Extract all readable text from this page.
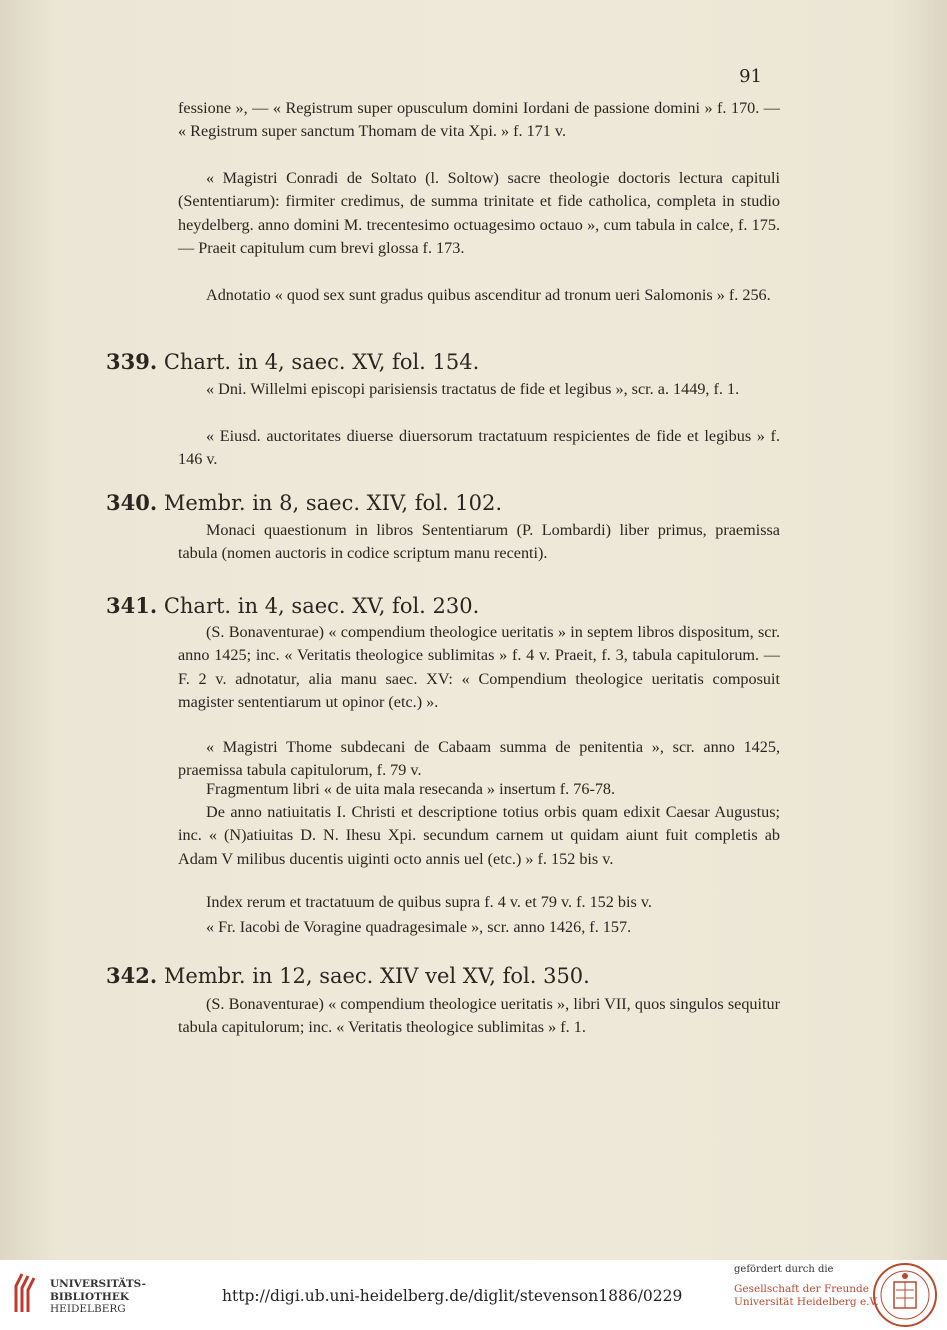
91

fessione », — « Registrum super opusculum domini Iordani de passione domini » f. 170. — « Registrum super sanctum Thomam de vita Xpi. » f. 171 v.

« Magistri Conradi de Soltato (l. Soltow) sacre theologie doctoris lectura capituli (Sententiarum): firmiter credimus, de summa trinitate et fide catholica, completa in studio heydelberg. anno domini M. trecentesimo octuagesimo octauo », cum tabula in calce, f. 175. — Praeit capitulum cum brevi glossa f. 173.

Adnotatio « quod sex sunt gradus quibus ascenditur ad tronum ueri Salomonis » f. 256.

339. Chart. in 4, saec. XV, fol. 154.

« Dni. Willelmi episcopi parisiensis tractatus de fide et legibus », scr. a. 1449, f. 1.

« Eiusd. auctoritates diuerse diuersorum tractatuum respicientes de fide et legibus » f. 146 v.

340. Membr. in 8, saec. XIV, fol. 102.

Monaci quaestionum in libros Sententiarum (P. Lombardi) liber primus, praemissa tabula (nomen auctoris in codice scriptum manu recenti).

341. Chart. in 4, saec. XV, fol. 230.

(S. Bonaventurae) « compendium theologice ueritatis » in septem libros dispositum, scr. anno 1425; inc. « Veritatis theologice sublimitas » f. 4 v. Praeit, f. 3, tabula capitulorum. — F. 2 v. adnotatur, alia manu saec. XV: « Compendium theologice ueritatis composuit magister sententiarum ut opinor (etc.) ».

« Magistri Thome subdecani de Cabaam summa de penitentia », scr. anno 1425, praemissa tabula capitulorum, f. 79 v.

Fragmentum libri « de uita mala resecanda » insertum f. 76-78.

De anno natiuitatis I. Christi et descriptione totius orbis quam edixit Caesar Augustus; inc. « (N)atiuitas D. N. Ihesu Xpi. secundum carnem ut quidam aiunt fuit completis ab Adam V milibus ducentis uiginti octo annis uel (etc.) » f. 152 bis v.

Index rerum et tractatuum de quibus supra f. 4 v. et 79 v. f. 152 bis v.

« Fr. Iacobi de Voragine quadragesimale », scr. anno 1426, f. 157.

342. Membr. in 12, saec. XIV vel XV, fol. 350.

(S. Bonaventurae) « compendium theologice ueritatis », libri VII, quos singulos sequitur tabula capitulorum; inc. « Veritatis theologice sublimitas » f. 1.

UNIVERSITÄTS-
BIBLIOTHEK
HEIDELBERG
http://digi.ub.uni-heidelberg.de/diglit/stevenson1886/0229
gefördert durch die
Gesellschaft der Freunde
Universität Heidelberg e.V.
